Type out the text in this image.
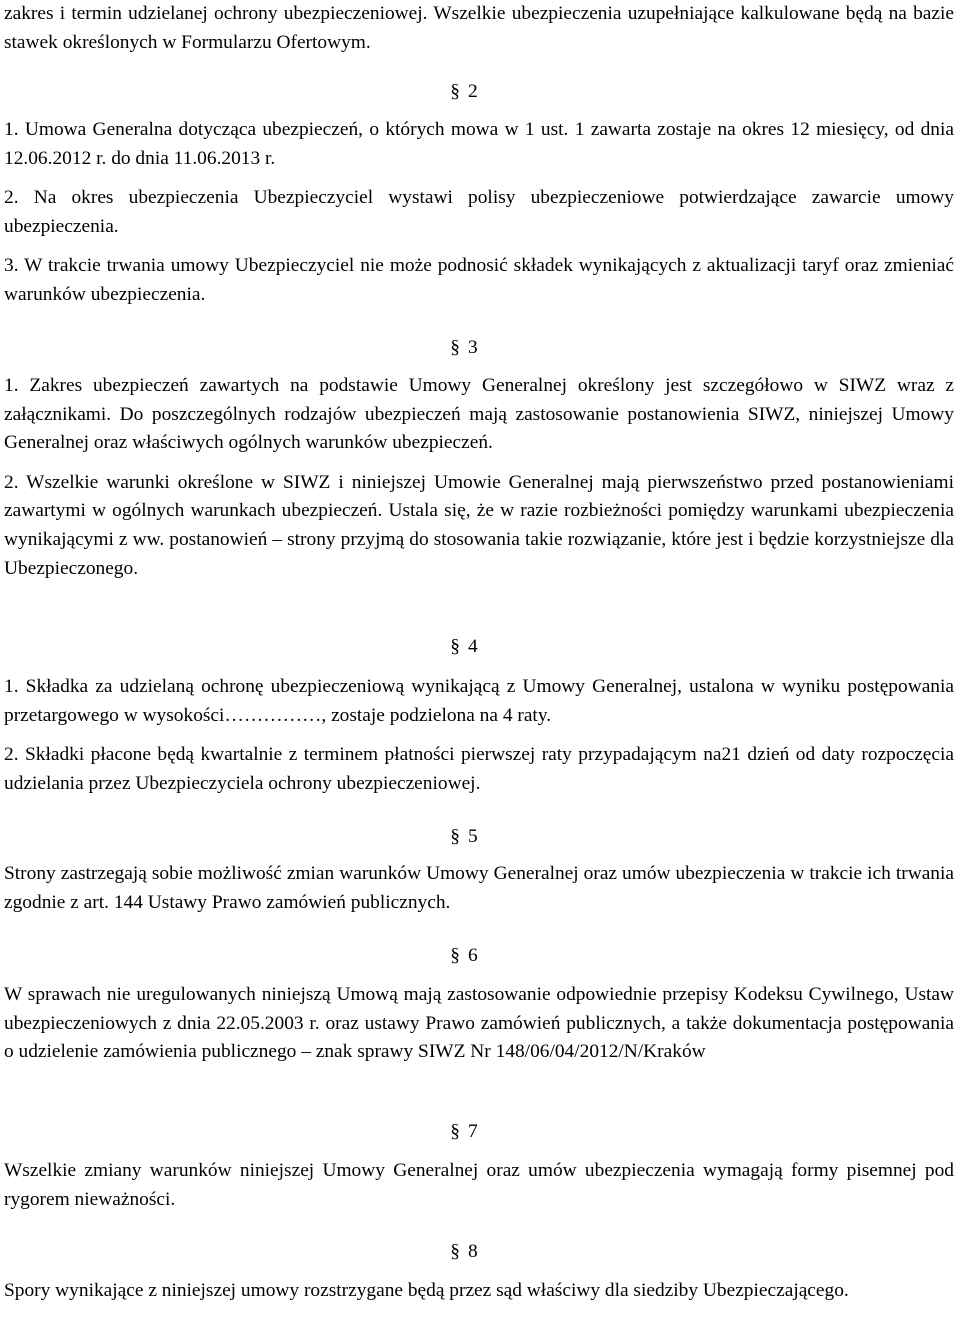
zakres i termin udzielanej ochrony ubezpieczeniowej. Wszelkie ubezpieczenia uzupełniające kalkulowane będą na bazie stawek określonych w Formularzu Ofertowym.

§ 2

1. Umowa Generalna dotycząca ubezpieczeń, o których mowa w 1 ust. 1 zawarta zostaje na okres 12 miesięcy, od dnia 12.06.2012 r. do dnia 11.06.2013 r.

2. Na okres ubezpieczenia Ubezpieczyciel wystawi polisy ubezpieczeniowe potwierdzające zawarcie umowy ubezpieczenia.

3. W trakcie trwania umowy Ubezpieczyciel nie może podnosić składek wynikających z aktualizacji taryf oraz zmieniać warunków ubezpieczenia.

§ 3

1. Zakres ubezpieczeń zawartych na podstawie Umowy Generalnej określony jest szczegółowo w SIWZ wraz z załącznikami. Do poszczególnych rodzajów ubezpieczeń mają zastosowanie postanowienia SIWZ, niniejszej Umowy Generalnej oraz właściwych ogólnych warunków ubezpieczeń.

2. Wszelkie warunki określone w SIWZ i niniejszej Umowie Generalnej mają pierwszeństwo przed postanowieniami zawartymi w ogólnych warunkach ubezpieczeń. Ustala się, że w razie rozbieżności pomiędzy warunkami ubezpieczenia wynikającymi z ww. postanowień – strony przyjmą do stosowania takie rozwiązanie, które jest i będzie korzystniejsze dla Ubezpieczonego.

§ 4

1. Składka za udzielaną ochronę ubezpieczeniową wynikającą z Umowy Generalnej, ustalona w wyniku postępowania przetargowego w wysokości……………, zostaje podzielona na 4 raty.

2. Składki płacone będą kwartalnie z terminem płatności pierwszej raty przypadającym na21 dzień od daty rozpoczęcia udzielania przez Ubezpieczyciela ochrony ubezpieczeniowej.

§ 5

Strony zastrzegają sobie możliwość zmian warunków Umowy Generalnej oraz umów ubezpieczenia w trakcie ich trwania zgodnie z art. 144 Ustawy Prawo zamówień publicznych.

§ 6

W sprawach nie uregulowanych niniejszą Umową mają zastosowanie odpowiednie przepisy Kodeksu Cywilnego, Ustaw ubezpieczeniowych z dnia 22.05.2003 r. oraz ustawy Prawo zamówień publicznych, a także dokumentacja postępowania o udzielenie zamówienia publicznego – znak sprawy SIWZ Nr 148/06/04/2012/N/Kraków

§ 7

Wszelkie zmiany warunków niniejszej Umowy Generalnej oraz umów ubezpieczenia wymagają formy pisemnej pod rygorem nieważności.

§ 8

Spory wynikające z niniejszej umowy rozstrzygane będą przez sąd właściwy dla siedziby Ubezpieczającego.
